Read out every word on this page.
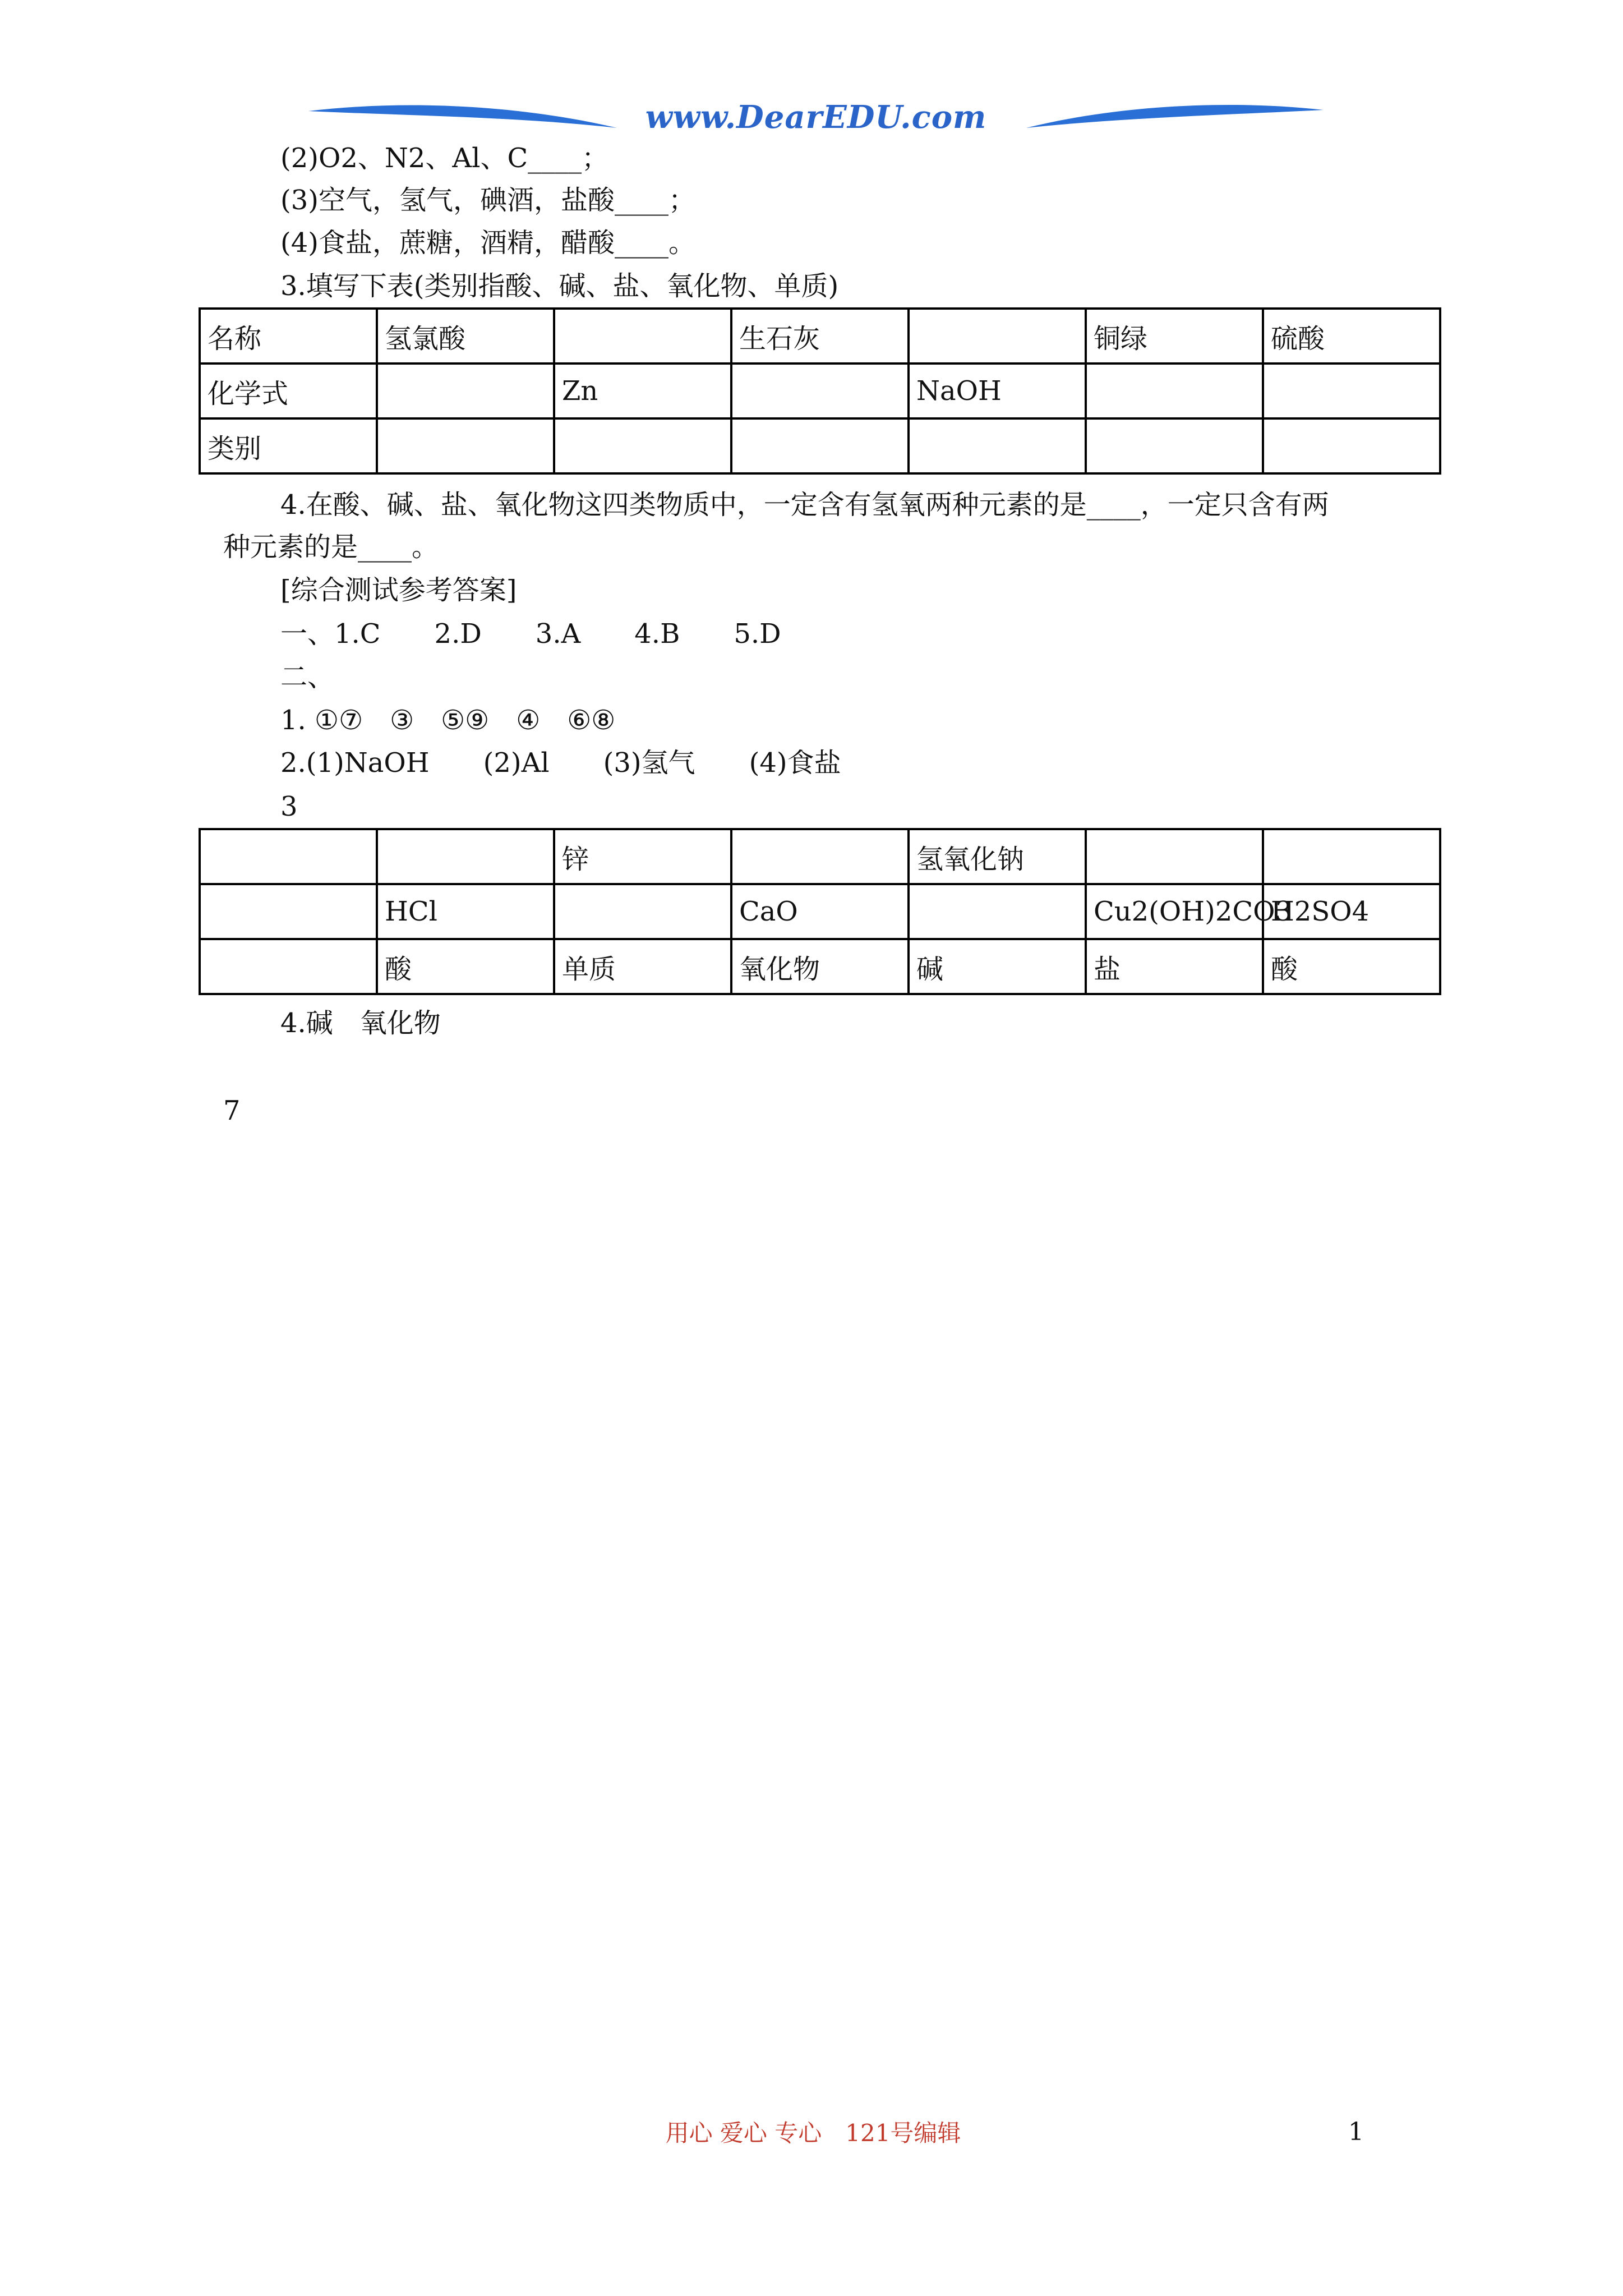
www.DearEDU.com
(2)O2、N2、Al、C____；
(3)空气，氢气，碘酒，盐酸____；
(4)食盐，蔗糖，酒精，醋酸____。
3.填写下表(类别指酸、碱、盐、氧化物、单质)
名称	氢氯酸		生石灰		铜绿	硫酸
化学式		Zn		NaOH		
类别						
4.在酸、碱、盐、氧化物这四类物质中，一定含有氢氧两种元素的是____，一定只含有两
种元素的是____。
[综合测试参考答案]
一、1.C　　2.D　　3.A　　4.B　　5.D
二、
1. ①⑦　③　⑤⑨　④　⑥⑧
2.(1)NaOH　　(2)Al　　(3)氢气　　(4)食盐
3
		锌		氢氧化钠		
	HCl		CaO		Cu2(OH)2CO3	H2SO4
	酸	单质	氧化物	碱	盐	酸
4.碱　氧化物
7
用心 爱心 专心　121号编辑	1
